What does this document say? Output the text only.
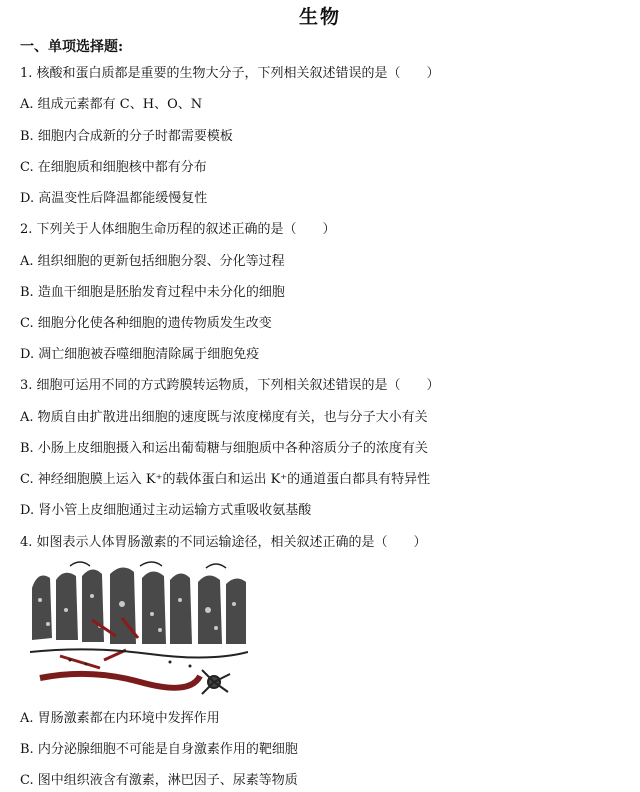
生物
一、单项选择题:
1. 核酸和蛋白质都是重要的生物大分子，下列相关叙述错误的是（　　）
A. 组成元素都有 C、H、O、N
B. 细胞内合成新的分子时都需要模板
C. 在细胞质和细胞核中都有分布
D. 高温变性后降温都能缓慢复性
2. 下列关于人体细胞生命历程的叙述正确的是（　　）
A. 组织细胞的更新包括细胞分裂、分化等过程
B. 造血干细胞是胚胎发育过程中未分化的细胞
C. 细胞分化使各种细胞的遗传物质发生改变
D. 凋亡细胞被吞噬细胞清除属于细胞免疫
3. 细胞可运用不同的方式跨膜转运物质，下列相关叙述错误的是（　　）
A. 物质自由扩散进出细胞的速度既与浓度梯度有关，也与分子大小有关
B. 小肠上皮细胞摄入和运出葡萄糖与细胞质中各种溶质分子的浓度有关
C. 神经细胞膜上运入 K⁺的载体蛋白和运出 K⁺的通道蛋白都具有特异性
D. 肾小管上皮细胞通过主动运输方式重吸收氨基酸
4. 如图表示人体胃肠激素的不同运输途径，相关叙述正确的是（　　）
A. 胃肠激素都在内环境中发挥作用
B. 内分泌腺细胞不可能是自身激素作用的靶细胞
C. 图中组织液含有激素，淋巴因子、尿素等物质
